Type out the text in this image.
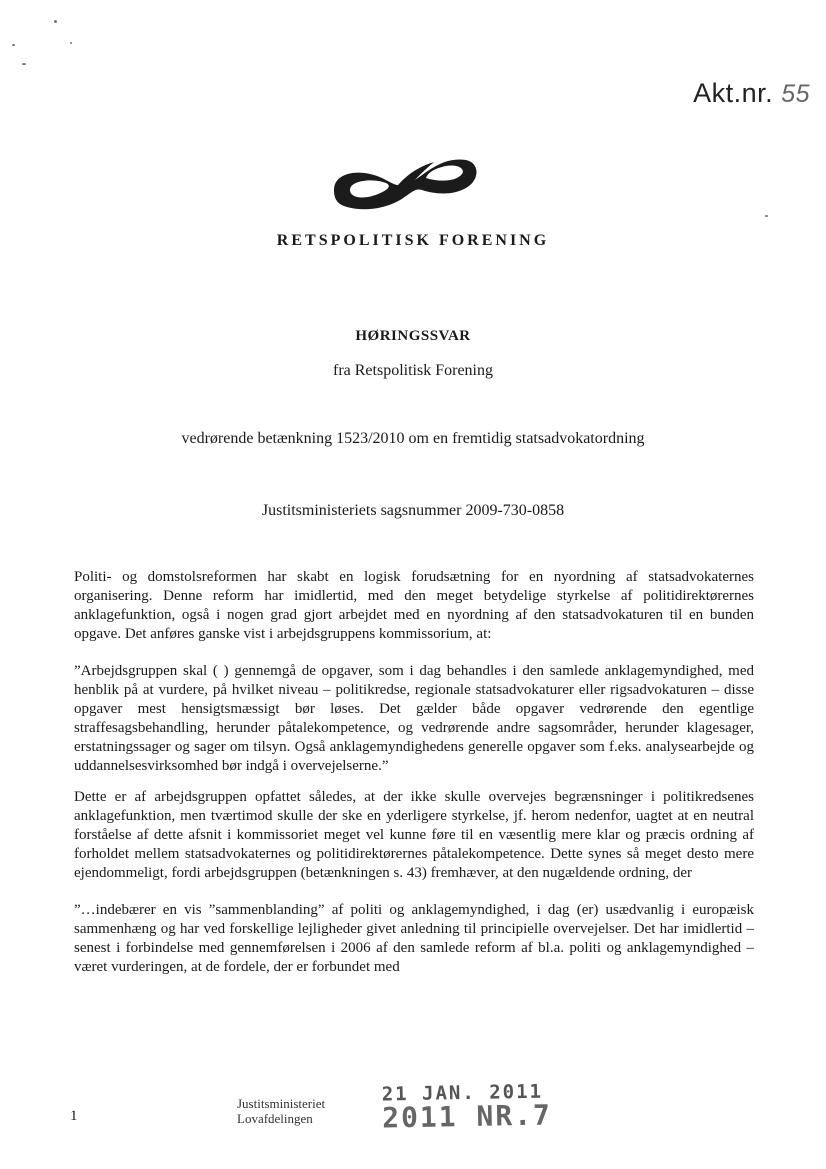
Akt.nr. 55
RETSPOLITISK FORENING
HØRINGSSVAR
fra Retspolitisk Forening
vedrørende betænkning 1523/2010 om en fremtidig statsadvokatordning
Justitsministeriets sagsnummer 2009-730-0858

Politi- og domstolsreformen har skabt en logisk forudsætning for en nyordning af statsadvokaternes organisering. Denne reform har imidlertid, med den meget betydelige styrkelse af politidirektørernes anklagefunktion, også i nogen grad gjort arbejdet med en nyordning af den statsadvokaturen til en bunden opgave. Det anføres ganske vist i arbejdsgruppens kommissorium, at:

”Arbejdsgruppen skal ( ) gennemgå de opgaver, som i dag behandles i den samlede anklagemyndighed, med henblik på at vurdere, på hvilket niveau – politikredse, regionale statsadvokaturer eller rigsadvokaturen – disse opgaver mest hensigtsmæssigt bør løses. Det gælder både opgaver vedrørende den egentlige straffesagsbehandling, herunder påtalekompetence, og vedrørende andre sagsområder, herunder klagesager, erstatningssager og sager om tilsyn. Også anklagemyndighedens generelle opgaver som f.eks. analysearbejde og uddannelsesvirksomhed bør indgå i overvejelserne.”

Dette er af arbejdsgruppen opfattet således, at der ikke skulle overvejes begrænsninger i politikredsenes anklagefunktion, men tværtimod skulle der ske en yderligere styrkelse, jf. herom nedenfor, uagtet at en neutral forståelse af dette afsnit i kommissoriet meget vel kunne føre til en væsentlig mere klar og præcis ordning af forholdet mellem statsadvokaternes og politidirektørernes påtalekompetence. Dette synes så meget desto mere ejendommeligt, fordi arbejdsgruppen (betænkningen s. 43) fremhæver, at den nugældende ordning, der

”…indebærer en vis ”sammenblanding” af politi og anklagemyndighed, i dag (er) usædvanlig i europæisk sammenhæng og har ved forskellige lejligheder givet anledning til principielle overvejelser. Det har imidlertid – senest i forbindelse med gennemførelsen i 2006 af den samlede reform af bl.a. politi og anklagemyndighed – været vurderingen, at de fordele, der er forbundet med

1
Justitsministeriet
Lovafdelingen
21 JAN. 2011
2011 NR.7
